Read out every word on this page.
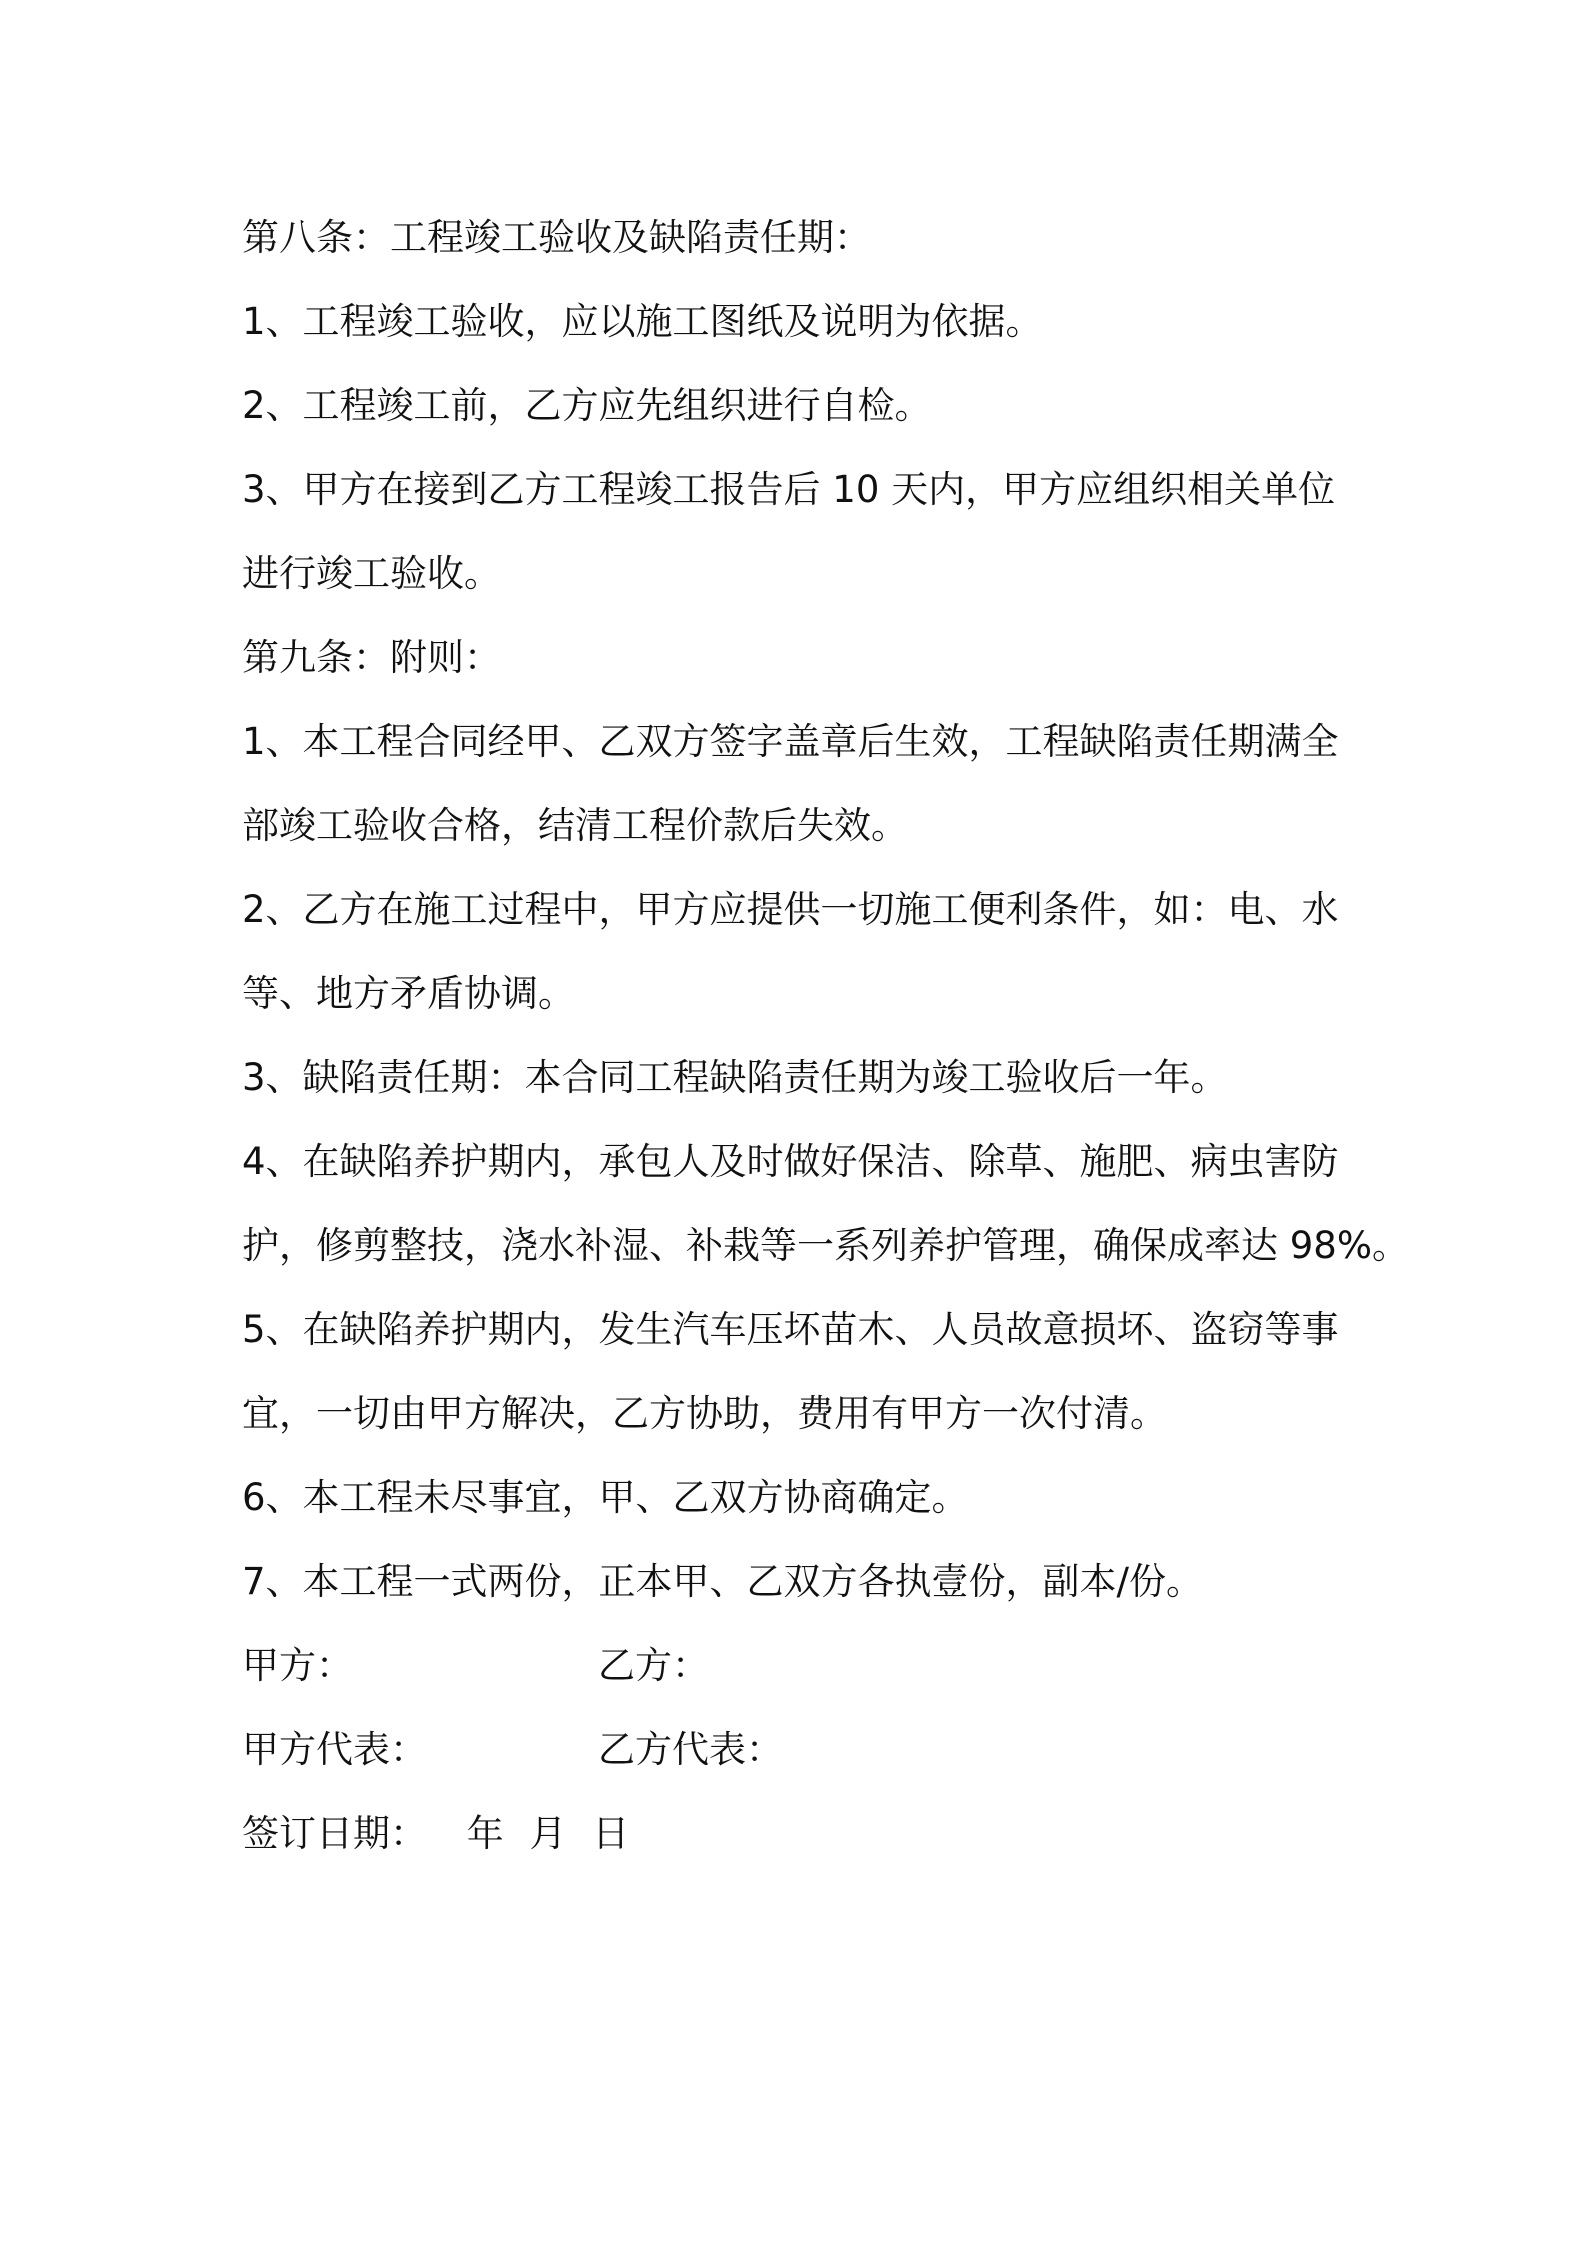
第八条：工程竣工验收及缺陷责任期：
1、工程竣工验收，应以施工图纸及说明为依据。
2、工程竣工前，乙方应先组织进行自检。
3、甲方在接到乙方工程竣工报告后 10 天内，甲方应组织相关单位
进行竣工验收。
第九条：附则：
1、本工程合同经甲、乙双方签字盖章后生效，工程缺陷责任期满全
部竣工验收合格，结清工程价款后失效。
2、乙方在施工过程中，甲方应提供一切施工便利条件，如：电、水
等、地方矛盾协调。
3、缺陷责任期：本合同工程缺陷责任期为竣工验收后一年。
4、在缺陷养护期内，承包人及时做好保洁、除草、施肥、病虫害防
护，修剪整技，浇水补湿、补栽等一系列养护管理，确保成率达 98%。
5、在缺陷养护期内，发生汽车压坏苗木、人员故意损坏、盗窃等事
宜，一切由甲方解决，乙方协助，费用有甲方一次付清。
6、本工程未尽事宜，甲、乙双方协商确定。
7、本工程一式两份，正本甲、乙双方各执壹份，副本/份。
甲方：	乙方：
甲方代表：	乙方代表：
签订日期： 年 月 日
